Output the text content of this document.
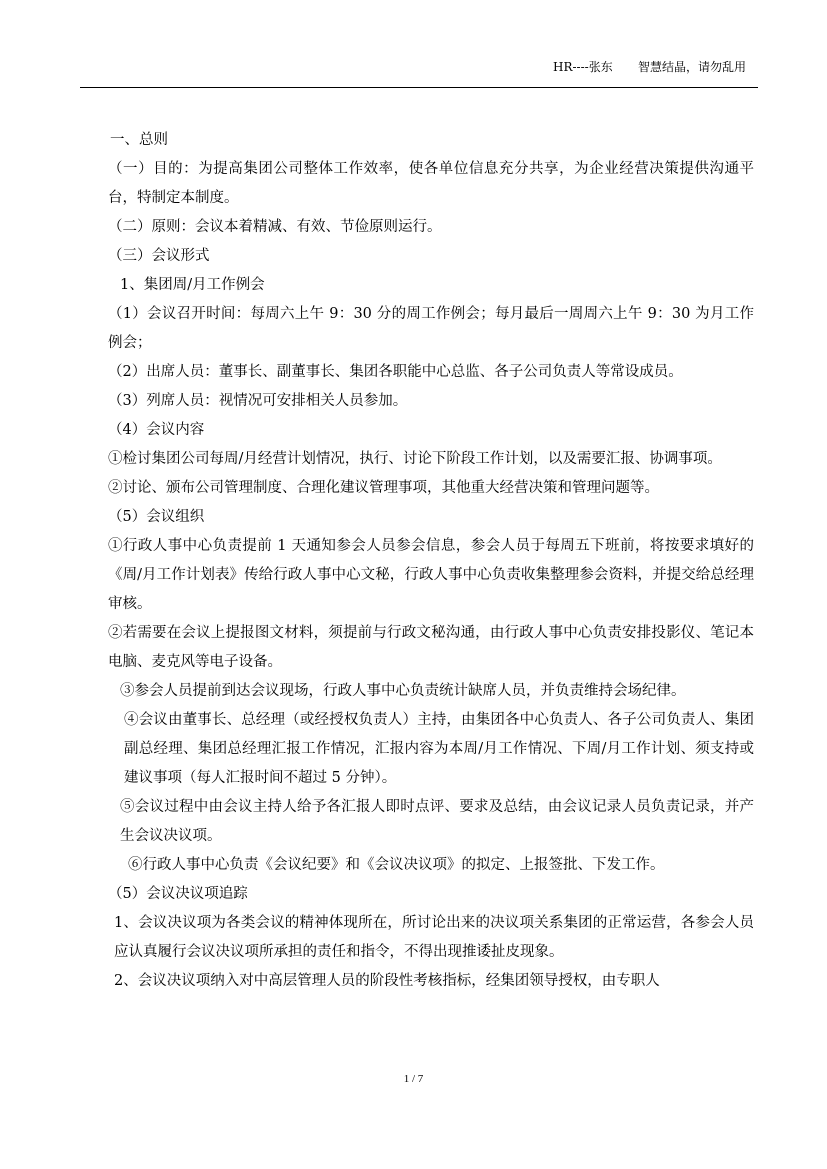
HR----张东 智慧结晶，请勿乱用

一、总则

（一）目的：为提高集团公司整体工作效率，使各单位信息充分共享，为企业经营决策提供沟通平台，特制定本制度。

（二）原则：会议本着精减、有效、节俭原则运行。

（三）会议形式

1、集团周/月工作例会

（1）会议召开时间：每周六上午 9：30 分的周工作例会；每月最后一周周六上午 9：30 为月工作例会；

（2）出席人员：董事长、副董事长、集团各职能中心总监、各子公司负责人等常设成员。

（3）列席人员：视情况可安排相关人员参加。

（4）会议内容

①检讨集团公司每周/月经营计划情况，执行、讨论下阶段工作计划，以及需要汇报、协调事项。

②讨论、颁布公司管理制度、合理化建议管理事项，其他重大经营决策和管理问题等。

（5）会议组织

①行政人事中心负责提前 1 天通知参会人员参会信息，参会人员于每周五下班前，将按要求填好的《周/月工作计划表》传给行政人事中心文秘，行政人事中心负责收集整理参会资料，并提交给总经理审核。

②若需要在会议上提报图文材料，须提前与行政文秘沟通，由行政人事中心负责安排投影仪、笔记本电脑、麦克风等电子设备。

③参会人员提前到达会议现场，行政人事中心负责统计缺席人员，并负责维持会场纪律。

④会议由董事长、总经理（或经授权负责人）主持，由集团各中心负责人、各子公司负责人、集团副总经理、集团总经理汇报工作情况，汇报内容为本周/月工作情况、下周/月工作计划、须支持或建议事项（每人汇报时间不超过 5 分钟）。

⑤会议过程中由会议主持人给予各汇报人即时点评、要求及总结，由会议记录人员负责记录，并产生会议决议项。

⑥行政人事中心负责《会议纪要》和《会议决议项》的拟定、上报签批、下发工作。

（5）会议决议项追踪

1、会议决议项为各类会议的精神体现所在，所讨论出来的决议项关系集团的正常运营，各参会人员应认真履行会议决议项所承担的责任和指令，不得出现推诿扯皮现象。

2、会议决议项纳入对中高层管理人员的阶段性考核指标，经集团领导授权，由专职人

1 / 7
